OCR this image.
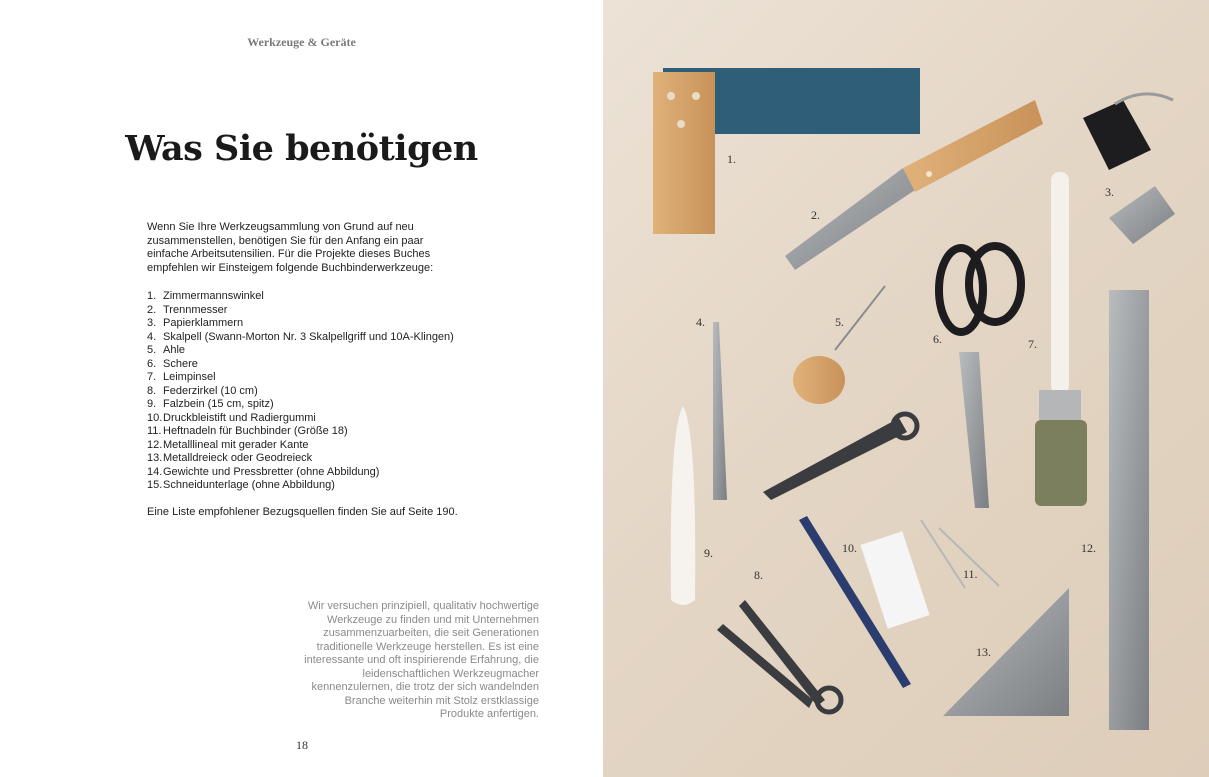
Werkzeuge & Geräte
Was Sie benötigen
Wenn Sie Ihre Werkzeugsammlung von Grund auf neu zusammenstellen, benötigen Sie für den Anfang ein paar einfache Arbeitsutensilien. Für die Projekte dieses Buches empfehlen wir Einsteigem folgende Buchbinderwerkzeuge:
1. Zimmermannswinkel
2. Trennmesser
3. Papierklammern
4. Skalpell (Swann-Morton Nr. 3 Skalpellgriff und 10A-Klingen)
5. Ahle
6. Schere
7. Leimpinsel
8. Federzirkel (10 cm)
9. Falzbein (15 cm, spitz)
10. Druckbleistift und Radiergummi
11. Heftnadeln für Buchbinder (Größe 18)
12. Metalllineal mit gerader Kante
13. Metalldreieck oder Geodreieck
14. Gewichte und Pressbretter (ohne Abbildung)
15. Schneidunterlage (ohne Abbildung)
Eine Liste empfohlener Bezugsquellen finden Sie auf Seite 190.
Wir versuchen prinzipiell, qualitativ hochwertige Werkzeuge zu finden und mit Unternehmen zusammenzuarbeiten, die seit Generationen traditionelle Werkzeuge herstellen. Es ist eine interessante und oft inspirierende Erfahrung, die leidenschaftlichen Werkzeugmacher kennenzulernen, die trotz der sich wandelnden Branche weiterhin mit Stolz erstklassige Produkte anfertigen.
18
1.
2.
3.
4.	5.
6.	7.
8.
9.	10.
11.
12.
13.
